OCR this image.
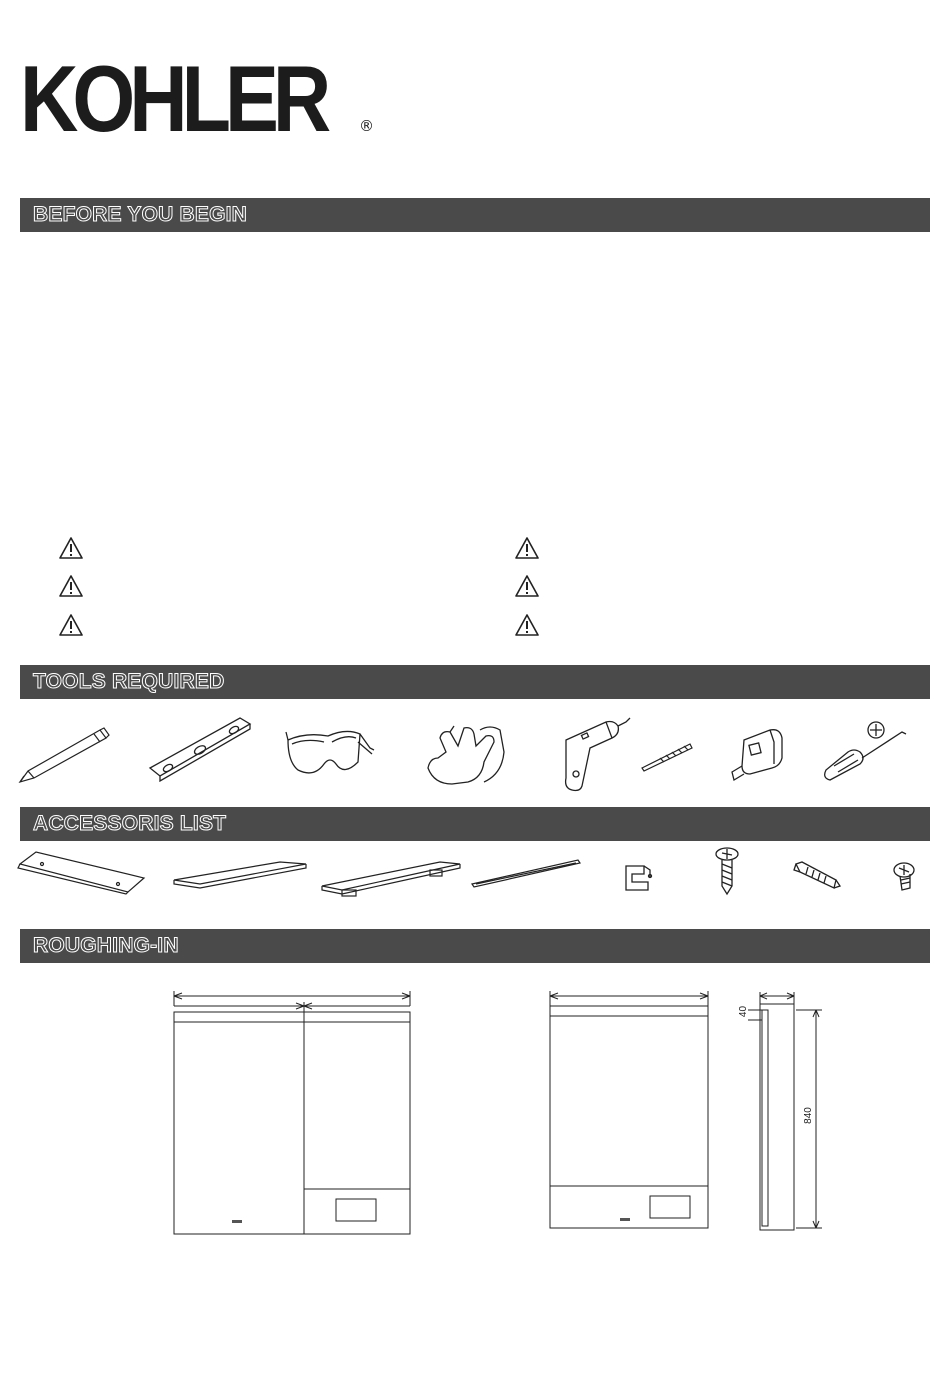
KOHLER ®
BEFORE YOU BEGIN
TOOLS REQUIRED
ACCESSORIS LIST
ROUGHING-IN
40
840
